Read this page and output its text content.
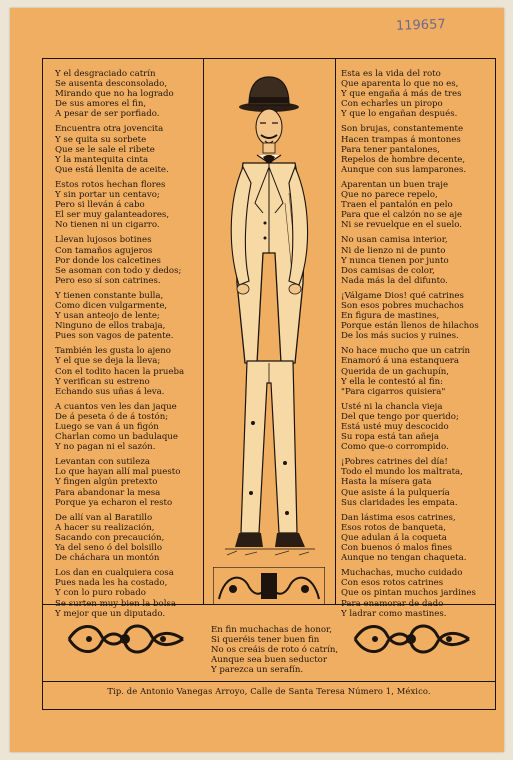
119657
Y el desgraciado catrín
Se ausenta desconsolado,
Mirando que no ha logrado
De sus amores el fin,
A pesar de ser porfiado.
Encuentra otra jovencita
Y se quita su sorbete
Que se le sale el ribete
Y la mantequita cinta
Que está llenita de aceite.
Estos rotos hechan flores
Y sin portar un centavo;
Pero si lleván á cabo
El ser muy galanteadores,
No tienen ni un cigarro.
Llevan lujosos botines
Con tamaños agujeros
Por donde los calcetines
Se asoman con todo y dedos;
Pero eso sí son catrines.
Y tienen constante bulla,
Como dicen vulgarmente,
Y usan anteojo de lente;
Ninguno de ellos trabaja,
Pues son vagos de patente.
También les gusta lo ajeno
Y el que se deja la lleva;
Con el todito hacen la prueba
Y verifican su estreno
Echando sus uñas á leva.
A cuantos ven les dan jaque
De á peseta ó de á tostón;
Luego se van á un figón
Charlan como un badulaque
Y no pagan ni el sazón.
Levantan con sutileza
Lo que hayan allí mal puesto
Y fingen algún pretexto
Para abandonar la mesa
Porque ya echaron el resto
De allí van al Baratillo
A hacer su realización,
Sacando con precaución,
Ya del seno ó del bolsillo
De cháchara un montón
Los dan en cualquiera cosa
Pues nada les ha costado,
Y con lo puro robado
Se surten muy bien la bolsa
Y mejor que un diputado.
Esta es la vida del roto
Que aparenta lo que no es,
Y que engaña á más de tres
Con echarles un piropo
Y que lo engañan después.
Son brujas, constantemente
Hacen trampas á montones
Para tener pantalones,
Repelos de hombre decente,
Aunque con sus lamparones.
Aparentan un buen traje
Que no parece repelo,
Traen el pantalón en pelo
Para que el calzón no se aje
Ni se revuelque en el suelo.
No usan camisa interior,
Ni de lienzo ni de punto
Y nunca tienen por junto
Dos camisas de color,
Nada más la del difunto.
¡Válgame Dios! qué catrines
Son esos pobres muchachos
En figura de mastines,
Porque están llenos de hilachos
De los más sucios y ruines.
No hace mucho que un catrín
Enamoró á una estanquera
Querida de un gachupín,
Y ella le contestó al fin:
"Para cigarros quisiera"
Usté ni la chancla vieja
Del que tengo por querido;
Está usté muy descocido
Su ropa está tan añeja
Como que-o corrompido.
¡Pobres catrines del día!
Todo el mundo los maltrata,
Hasta la mísera gata
Que asiste á la pulquería
Sus claridades les empata.
Dan lástima esos catrines,
Esos rotos de banqueta,
Que adulan á la coqueta
Con buenos ó malos fines
Aunque no tengan chaqueta.
Muchachas, mucho cuidado
Con esos rotos catrines
Que os pintan muchos jardines
Para enamorar de dado
Y ladrar como mastines.
En fin muchachas de honor,
Si queréis tener buen fin
No os creáis de roto ó catrín,
Aunque sea buen seductor
Y parezca un serafín.
Tip. de Antonio Vanegas Arroyo, Calle de Santa Teresa Número 1, México.
